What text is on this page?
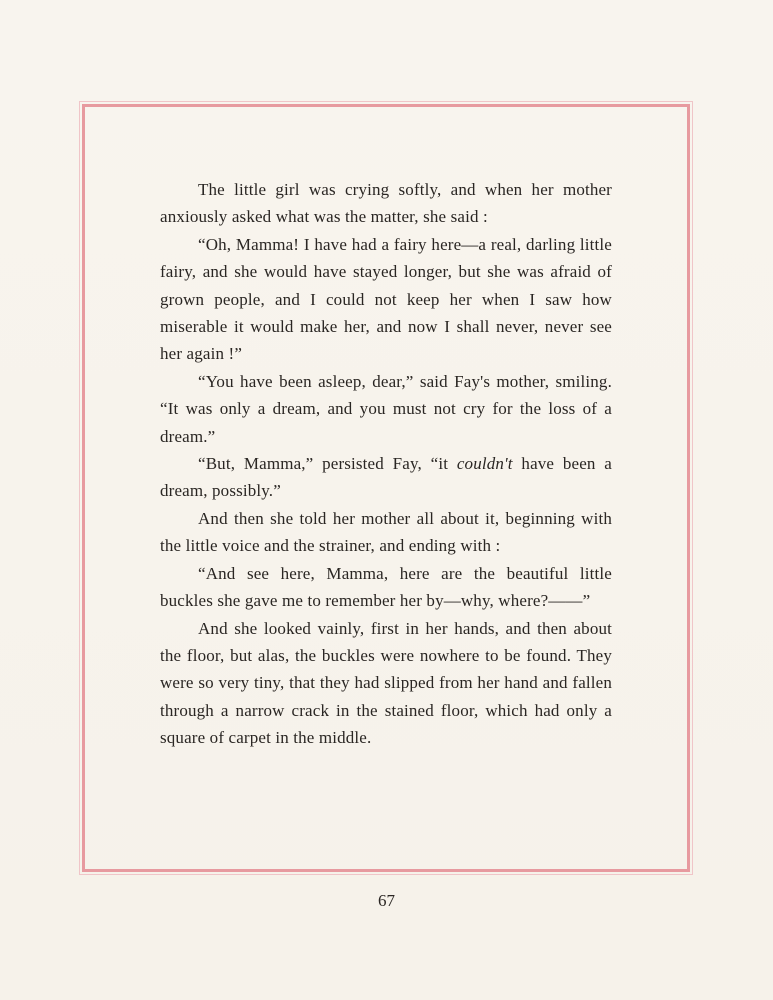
The little girl was crying softly, and when her mother anxiously asked what was the matter, she said :

“Oh, Mamma! I have had a fairy here—a real, darling little fairy, and she would have stayed longer, but she was afraid of grown people, and I could not keep her when I saw how miserable it would make her, and now I shall never, never see her again !”

“You have been asleep, dear,” said Fay's mother, smiling. “It was only a dream, and you must not cry for the loss of a dream.”

“But, Mamma,” persisted Fay, “it couldn't have been a dream, possibly.”

And then she told her mother all about it, beginning with the little voice and the strainer, and ending with :

“And see here, Mamma, here are the beautiful little buckles she gave me to remember her by—why, where?——”

And she looked vainly, first in her hands, and then about the floor, but alas, the buckles were nowhere to be found. They were so very tiny, that they had slipped from her hand and fallen through a narrow crack in the stained floor, which had only a square of carpet in the middle.

67
